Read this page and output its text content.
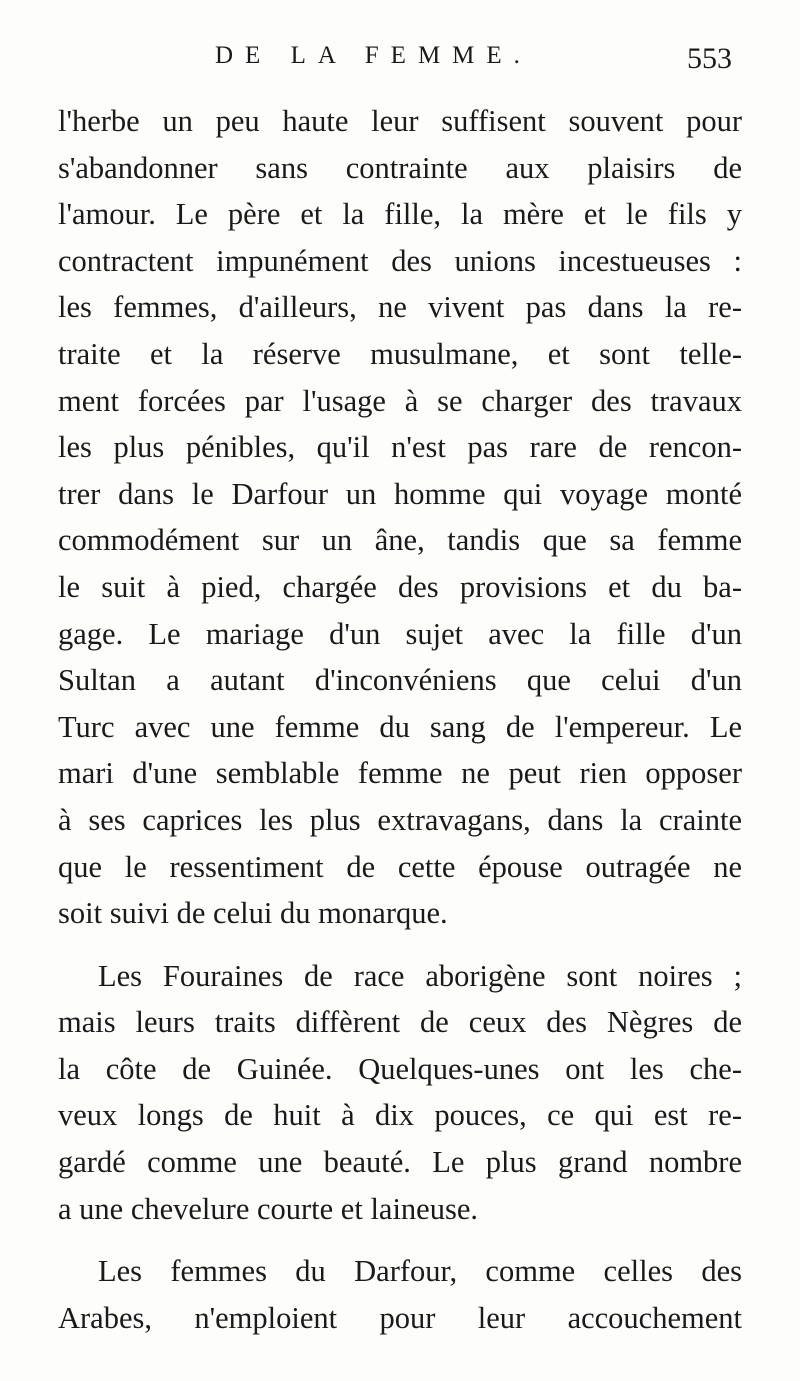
DE LA FEMME.	553
l'herbe un peu haute leur suffisent souvent pour
s'abandonner sans contrainte aux plaisirs de
l'amour. Le père et la fille, la mère et le fils y
contractent impunément des unions incestueuses :
les femmes, d'ailleurs, ne vivent pas dans la re-
traite et la réserve musulmane, et sont telle-
ment forcées par l'usage à se charger des travaux
les plus pénibles, qu'il n'est pas rare de rencon-
trer dans le Darfour un homme qui voyage monté
commodément sur un âne, tandis que sa femme
le suit à pied, chargée des provisions et du ba-
gage. Le mariage d'un sujet avec la fille d'un
Sultan a autant d'inconvéniens que celui d'un
Turc avec une femme du sang de l'empereur. Le
mari d'une semblable femme ne peut rien opposer
à ses caprices les plus extravagans, dans la crainte
que le ressentiment de cette épouse outragée ne
soit suivi de celui du monarque.
Les Fouraines de race aborigène sont noires ;
mais leurs traits diffèrent de ceux des Nègres de
la côte de Guinée. Quelques-unes ont les che-
veux longs de huit à dix pouces, ce qui est re-
gardé comme une beauté. Le plus grand nombre
a une chevelure courte et laineuse.
Les femmes du Darfour, comme celles des
Arabes, n'emploient pour leur accouchement
